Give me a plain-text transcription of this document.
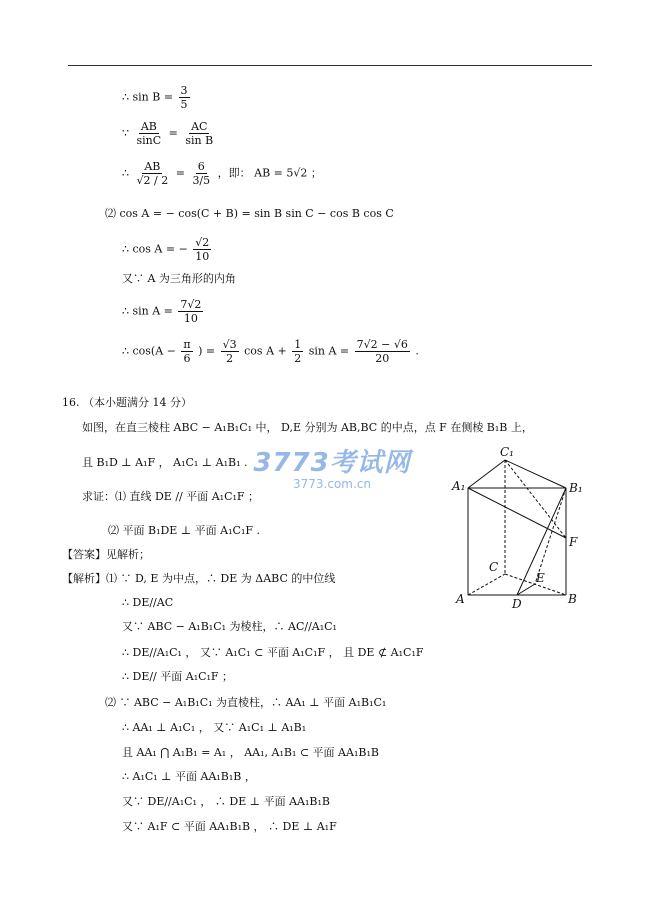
∴ $\sin B = \frac{3}{5}$
∵ $\frac{AB}{\sin C} = \frac{AC}{\text{sin B}}$
∴ $\frac{AB}{√2 / 2} = \frac{6}{3/5}$ ，即： AB = 5√2 ；
⑵ cos A = − cos(C + B) = sin B sin C − cos B cos C
∴ cos A = − $\frac{√2}{10}$
又∵ A 为三角形的内角
∴ $\sin A = \frac{7√2}{10}$
∴ $\cos(A - \frac{\pi}{6}$ ) = $\frac{√3}{2}$ $\cos A + \frac{1}{2}$ $\sin A = \frac{7√2 - √6}{20}$ .
16. （本小题满分 14 分）
如图，在直三棱柱 ABC − A₁B₁C₁ 中， D,E 分别为 AB,BC 的中点，点 F 在侧棱 B₁B 上，
且 B₁D ⊥ A₁F ， A₁C₁ ⊥ A₁B₁ .
求证：⑴ 直线 DE // 平面 A₁C₁F ；
⑵ 平面 B₁DE ⊥ 平面 A₁C₁F .
【答案】见解析；
【解析】⑴ ∵ D, E 为中点，∴ DE 为 ΔABC 的中位线
∴ DE//AC
又∵ ABC − A₁B₁C₁ 为棱柱，∴ AC//A₁C₁
∴ DE//A₁C₁ ， 又∵ A₁C₁ ⊂ 平面 A₁C₁F ， 且 DE ⊄ A₁C₁F
∴ DE// 平面 A₁C₁F ；
⑵ ∵ ABC − A₁B₁C₁ 为直棱柱，∴ AA₁ ⊥ 平面 A₁B₁C₁
∴ AA₁ ⊥ A₁C₁ ， 又∵ A₁C₁ ⊥ A₁B₁
且 AA₁ ⋂ A₁B₁ = A₁ ， AA₁, A₁B₁ ⊂ 平面 AA₁B₁B
∴ A₁C₁ ⊥ 平面 AA₁B₁B ，
又∵ DE//A₁C₁ ， ∴ DE ⊥ 平面 AA₁B₁B
又∵ A₁F ⊂ 平面 AA₁B₁B ， ∴ DE ⊥ A₁F
3773考试网
3773.com.cn
C₁
A₁	B₁
F
C
E
A	D	B
